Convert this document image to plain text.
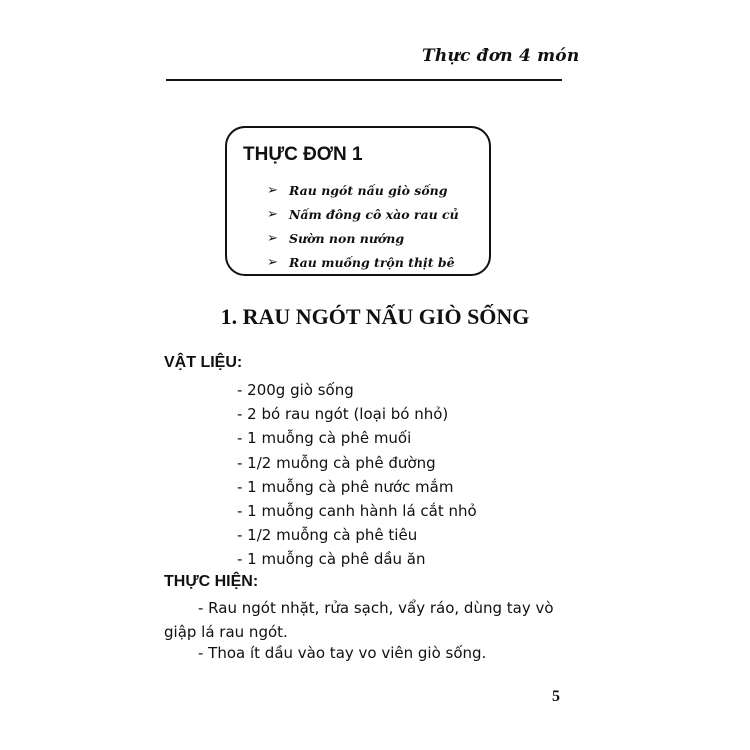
Thực đơn 4 món
THỰC ĐƠN 1
➢ Rau ngót nấu giò sống
➢ Nấm đông cô xào rau củ
➢ Sườn non nướng
➢ Rau muống trộn thịt bê
1. RAU NGÓT NẤU GIÒ SỐNG
VẬT LIỆU:
- 200g giò sống
- 2 bó rau ngót (loại bó nhỏ)
- 1 muỗng cà phê muối
- 1/2 muỗng cà phê đường
- 1 muỗng cà phê nước mắm
- 1 muỗng canh hành lá cắt nhỏ
- 1/2 muỗng cà phê tiêu
- 1 muỗng cà phê dầu ăn
THỰC HIỆN:

- Rau ngót nhặt, rửa sạch, vẩy ráo, dùng tay vò giập lá rau ngót.

- Thoa ít dầu vào tay vo viên giò sống.

5
